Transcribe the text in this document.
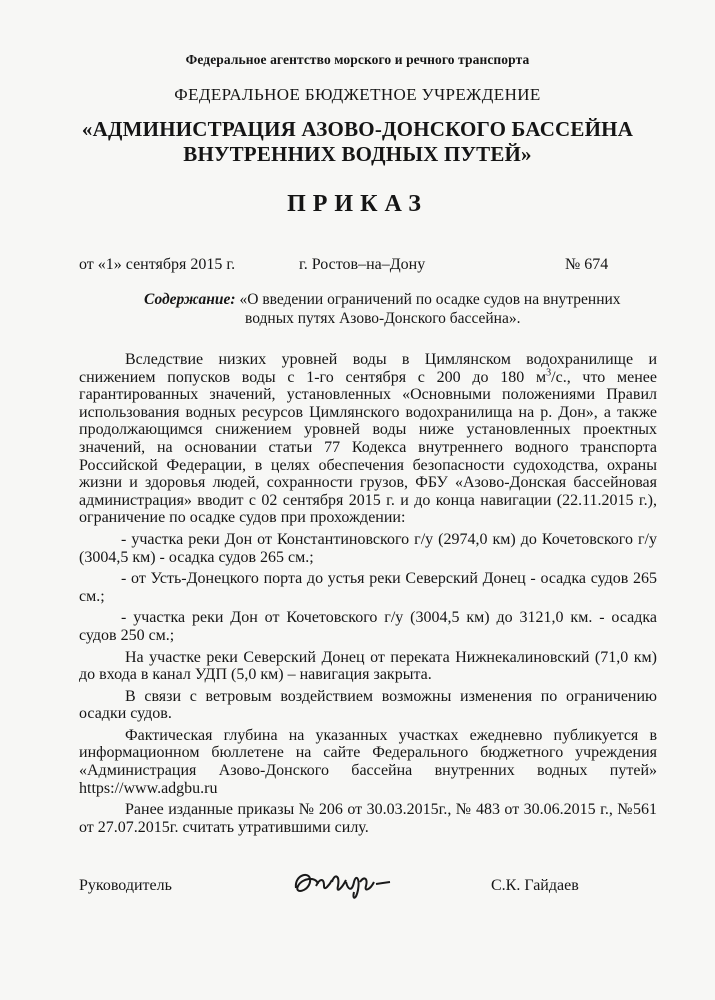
Федеральное агентство морского и речного транспорта
ФЕДЕРАЛЬНОЕ БЮДЖЕТНОЕ УЧРЕЖДЕНИЕ
«АДМИНИСТРАЦИЯ АЗОВО-ДОНСКОГО БАССЕЙНА
ВНУТРЕННИХ ВОДНЫХ ПУТЕЙ»
ПРИКАЗ
от «1» сентября 2015 г.	г. Ростов–на–Дону	№ 674
Содержание: «О введении ограничений по осадке судов на внутренних
водных путях Азово-Донского бассейна».

Вследствие низких уровней воды в Цимлянском водохранилище и снижением попусков воды с 1-го сентября с 200 до 180 $м^3/с$., что менее гарантированных значений, установленных «Основными положениями Правил использования водных ресурсов Цимлянского водохранилища на р. Дон», а также продолжающимся снижением уровней воды ниже установленных проектных значений, на основании статьи 77 Кодекса внутреннего водного транспорта Российской Федерации, в целях обеспечения безопасности судоходства, охраны жизни и здоровья людей, сохранности грузов, ФБУ «Азово-Донская бассейновая администрация» вводит с 02 сентября 2015 г. и до конца навигации (22.11.2015 г.), ограничение по осадке судов при прохождении:

- участка реки Дон от Константиновского г/у (2974,0 км) до Кочетовского г/у (3004,5 км) - осадка судов 265 см.;

- от Усть-Донецкого порта до устья реки Северский Донец - осадка судов 265 см.;

- участка реки Дон от Кочетовского г/у (3004,5 км) до 3121,0 км. - осадка судов 250 см.;

На участке реки Северский Донец от переката Нижнекалиновский (71,0 км) до входа в канал УДП (5,0 км) – навигация закрыта.

В связи с ветровым воздействием возможны изменения по ограничению осадки судов.

Фактическая глубина на указанных участках ежедневно публикуется в информационном бюллетене на сайте Федерального бюджетного учреждения «Администрация Азово-Донского бассейна внутренних водных путей» https://www.adgbu.ru

Ранее изданные приказы № 206 от 30.03.2015г., № 483 от 30.06.2015 г., №561 от 27.07.2015г. считать утратившими силу.

Руководитель	С.К. Гайдаев
